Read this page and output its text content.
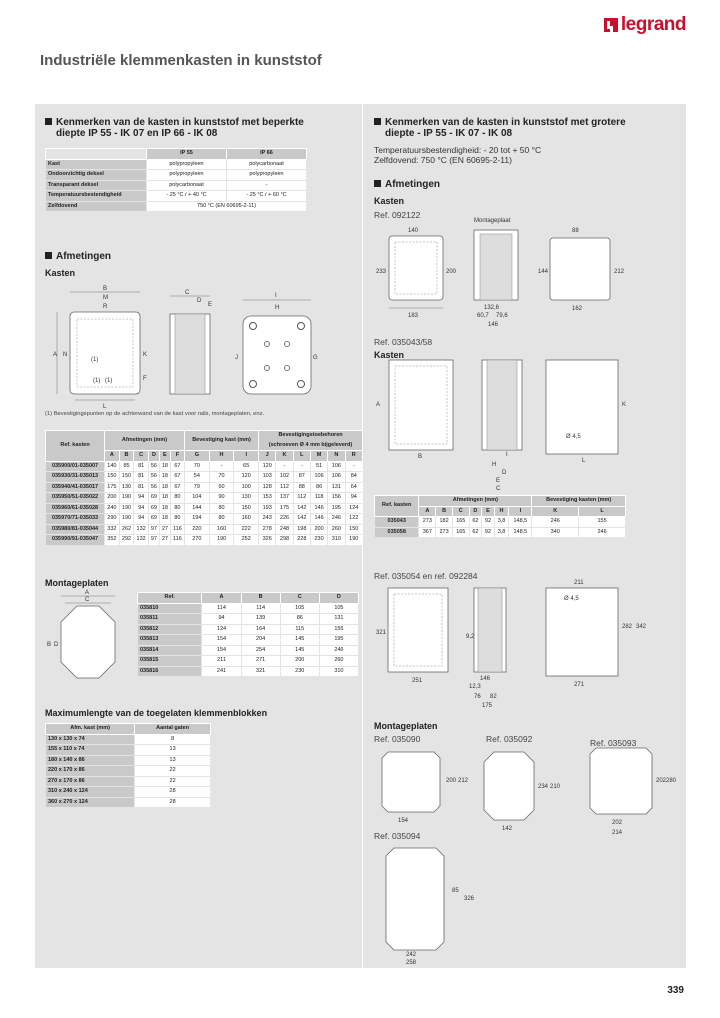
legrand
Industriële klemmenkasten in kunststof
Kenmerken van de kasten in kunststof met beperkte
diepte IP 55 - IK 07 en IP 66 - IK 08
	IP 55	IP 66
Kast	polypropyleen	polycarbonaat
Ondoorzichtig deksel	polypropyleen	polypropyleen
Transparant deksel	polycarbonaat	-
Temperatuursbestendigheid	- 25 °C / + 40 °C	- 25 °C / + 60 °C
Zelfdovend	750 °C (EN 60695-2-11)	
Afmetingen
Kasten
B
M
R
A N	K
F
(1)
(1) (1)
L
C
D
E
I
H
J	G
(1) Bevestigingspunten op de achterwand van de kast voor rails, montageplaten, enz.
Ref. kasten	Afmetingen (mm)						Bevestiging kast (mm)			Bevestigingstoebehoren
(schroeven Ø 4 mm bijgeleverd)					
	A	B	C	D	E	F	G	H	I	J	K	L	M	N	R
035900/01-035007	140	85	81	56	18	67	70	-	65	120	-	-	51	106	-
035930/31-035013	150	150	81	56	18	67	54	70	120	103	102	87	106	106	84
035940/41-035017	175	130	81	56	18	67	79	50	100	128	112	88	86	131	64
035950/51-035022	200	190	94	69	18	80	104	90	130	153	137	112	118	156	94
035960/61-035028	240	190	94	69	18	80	144	80	150	193	175	142	146	195	124
035970/71-035033	290	190	94	69	18	80	194	80	160	243	226	142	146	246	122
035980/81-035044	332	262	132	97	27	116	220	160	222	278	248	198	200	260	150
035990/91-035047	352	292	132	97	27	116	270	190	252	326	298	228	230	310	190
Montageplaten
A
C
B D
Ref.	A	B	C	D
035810	114	114	105	105
035811	94	139	86	131
035812	124	164	115	155
035813	154	204	145	195
035814	154	254	145	246
035815	211	271	200	260
035816	241	321	230	310
Maximumlengte van de toegelaten klemmenblokken
Afm. kast (mm)	Aantal gaten
130 x 130 x 74	8
155 x 110 x 74	13
180 x 140 x 86	13
220 x 170 x 86	22
270 x 170 x 86	22
310 x 240 x 124	28
360 x 270 x 124	28
Kenmerken van de kasten in kunststof met grotere
diepte - IP 55 - IK 07 - IK 08
Temperatuursbestendigheid: - 20 tot + 50 °C
Zelfdovend: 750 °C (EN 60695-2-11)
Afmetingen
Kasten
Ref. 092122
140
233	200
183
Montageplaat
132,6
60,7 79,6
146
88
144	212
162
Ref. 035043/58
Kasten
A
B	I
H
D
E
C
K
L
Ø 4,5
Ref. kasten	Afmetingen (mm)							Bevestiging kasten (mm)	
	A	B	C	D	E	H	I	K	L
035043	273	182	165	62	92	3,8	148,5	246	155
035058	367	273	165	62	92	3,8	148,5	340	246
Ref. 035054 en ref. 092284
321
251
9,2
146
12,3
76 82
175
211
Ø 4,5
282 342
271
Montageplaten
Ref. 035090	Ref. 035092	Ref. 035093
200 212
154
234 210
142
202 280
202
214
Ref. 035094
85
326
242
258
339
